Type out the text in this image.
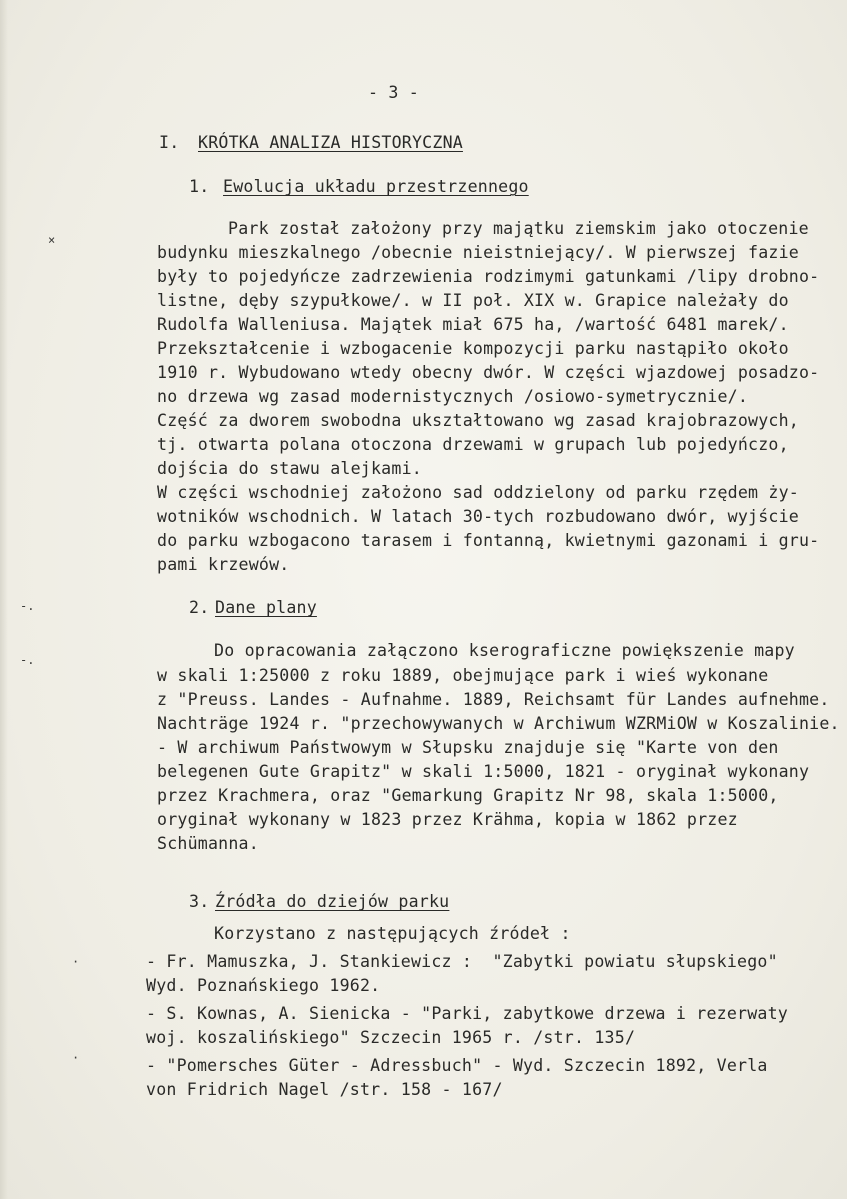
×
-.
-.
·
·
- 3 -
I. KRÓTKA ANALIZA HISTORYCZNA
1. Ewolucja układu przestrzennego
Park został założony przy majątku ziemskim jako otoczenie
budynku mieszkalnego /obecnie nieistniejący/. W pierwszej fazie
były to pojedyńcze zadrzewienia rodzimymi gatunkami /lipy drobno-
listne, dęby szypułkowe/. w II poł. XIX w. Grapice należały do
Rudolfa Walleniusa. Majątek miał 675 ha, /wartość 6481 marek/.
Przekształcenie i wzbogacenie kompozycji parku nastąpiło około
1910 r. Wybudowano wtedy obecny dwór. W części wjazdowej posadzo-
no drzewa wg zasad modernistycznych /osiowo-symetrycznie/.
Część za dworem swobodna ukształtowano wg zasad krajobrazowych,
tj. otwarta polana otoczona drzewami w grupach lub pojedyńczo,
dojścia do stawu alejkami.
W części wschodniej założono sad oddzielony od parku rzędem ży-
wotników wschodnich. W latach 30-tych rozbudowano dwór, wyjście
do parku wzbogacono tarasem i fontanną, kwietnymi gazonami i gru-
pami krzewów.
2. Dane plany
Do opracowania załączono kserograficzne powiększenie mapy
w skali 1:25000 z roku 1889, obejmujące park i wieś wykonane
z "Preuss. Landes - Aufnahme. 1889, Reichsamt für Landes aufnehme.
Nachträge 1924 r. "przechowywanych w Archiwum WZRMiOW w Koszalinie.
- W archiwum Państwowym w Słupsku znajduje się "Karte von den
belegenen Gute Grapitz" w skali 1:5000, 1821 - oryginał wykonany
przez Krachmera, oraz "Gemarkung Grapitz Nr 98, skala 1:5000,
oryginał wykonany w 1823 przez Krähma, kopia w 1862 przez
Schümanna.
3. Źródła do dziejów parku
Korzystano z następujących źródeł :
- Fr. Mamuszka, J. Stankiewicz :  "Zabytki powiatu słupskiego"
Wyd. Poznańskiego 1962.
- S. Kownas, A. Sienicka - "Parki, zabytkowe drzewa i rezerwaty
woj. koszalińskiego" Szczecin 1965 r. /str. 135/
- "Pomersches Güter - Adressbuch" - Wyd. Szczecin 1892, Verla
von Fridrich Nagel /str. 158 - 167/
